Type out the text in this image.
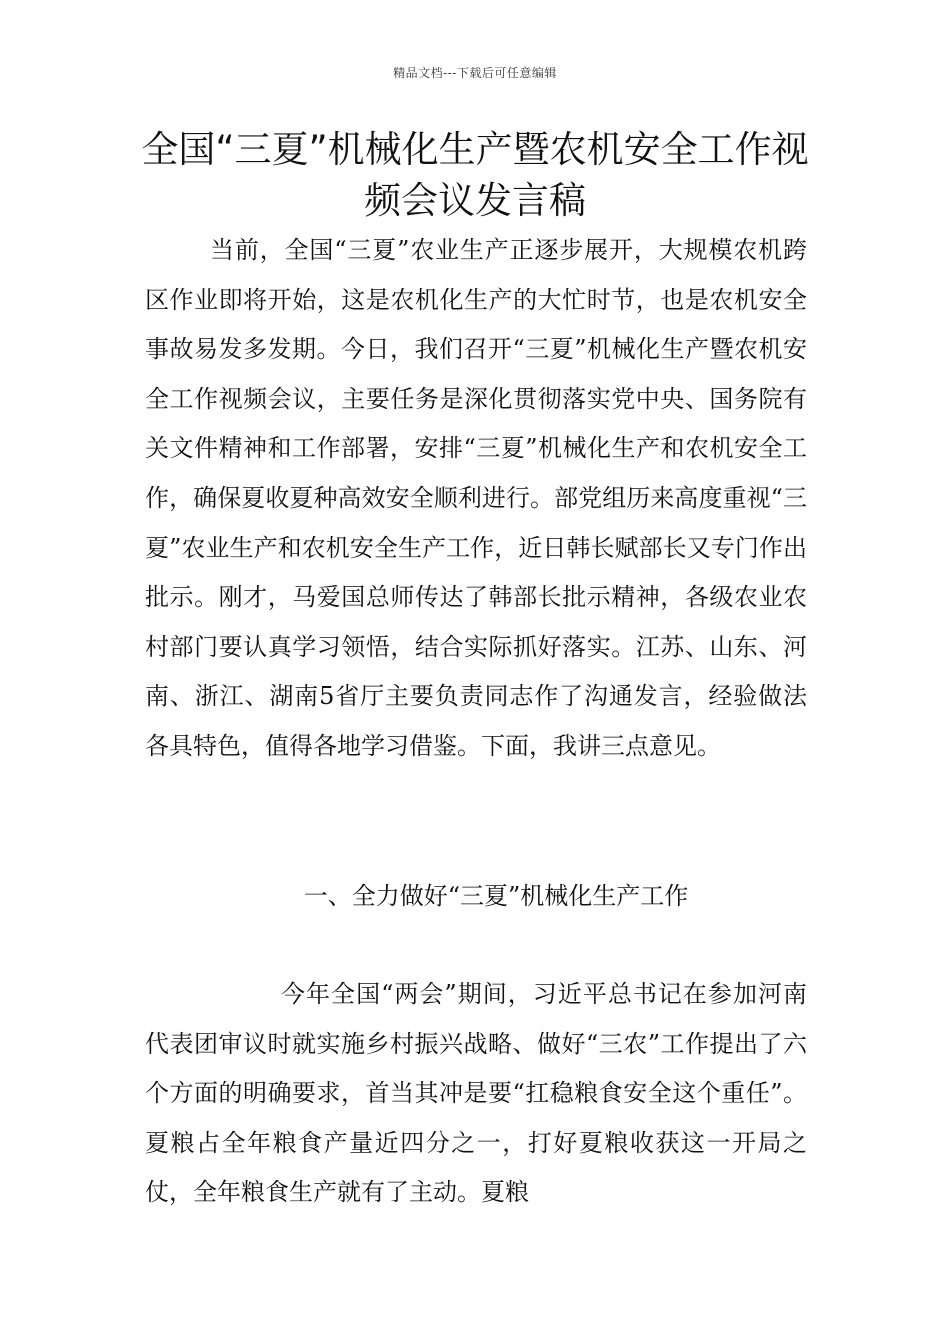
精品文档---下载后可任意编辑
全国“三夏”机械化生产暨农机安全工作视频会议发言稿

当前，全国“三夏”农业生产正逐步展开，大规模农机跨区作业即将开始，这是农机化生产的大忙时节，也是农机安全事故易发多发期。今日，我们召开“三夏”机械化生产暨农机安全工作视频会议，主要任务是深化贯彻落实党中央、国务院有关文件精神和工作部署，安排“三夏”机械化生产和农机安全工作，确保夏收夏种高效安全顺利进行。部党组历来高度重视“三夏”农业生产和农机安全生产工作，近日韩长赋部长又专门作出批示。刚才，马爱国总师传达了韩部长批示精神，各级农业农村部门要认真学习领悟，结合实际抓好落实。江苏、山东、河南、浙江、湖南5省厅主要负责同志作了沟通发言，经验做法各具特色，值得各地学习借鉴。下面，我讲三点意见。

一、全力做好“三夏”机械化生产工作

今年全国“两会”期间，习近平总书记在参加河南代表团审议时就实施乡村振兴战略、做好“三农”工作提出了六个方面的明确要求，首当其冲是要“扛稳粮食安全这个重任”。夏粮占全年粮食产量近四分之一，打好夏粮收获这一开局之仗，全年粮食生产就有了主动。夏粮
